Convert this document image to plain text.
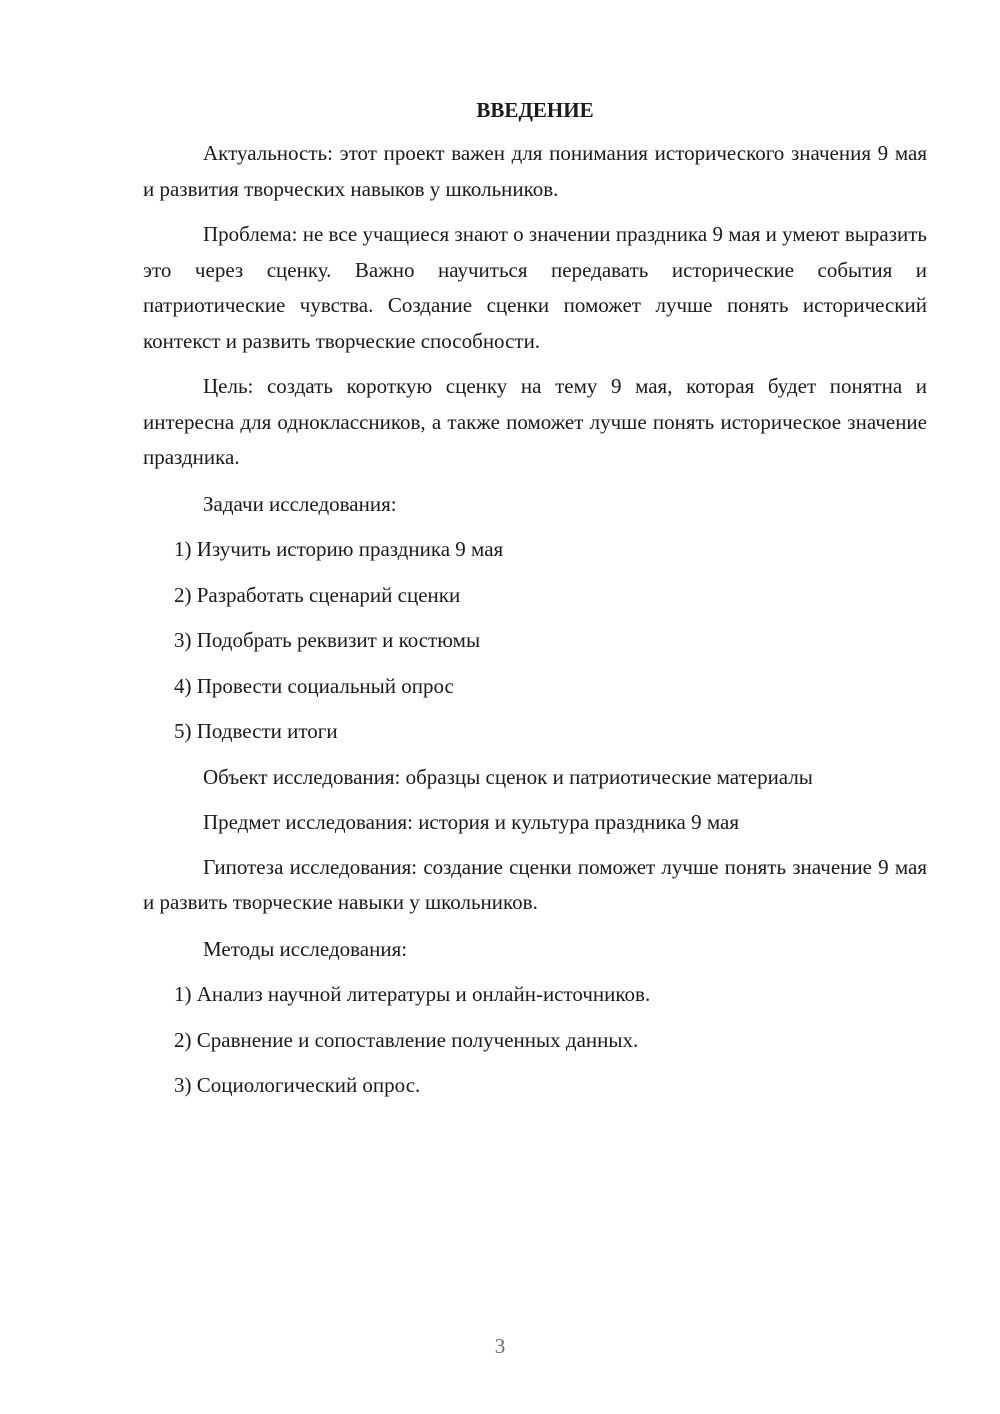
ВВЕДЕНИЕ

Актуальность: этот проект важен для понимания исторического значения 9 мая и развития творческих навыков у школьников.

Проблема: не все учащиеся знают о значении праздника 9 мая и умеют выразить это через сценку. Важно научиться передавать исторические события и патриотические чувства. Создание сценки поможет лучше понять исторический контекст и развить творческие способности.

Цель: создать короткую сценку на тему 9 мая, которая будет понятна и интересна для одноклассников, а также поможет лучше понять историческое значение праздника.

Задачи исследования:
1) Изучить историю праздника 9 мая
2) Разработать сценарий сценки
3) Подобрать реквизит и костюмы
4) Провести социальный опрос
5) Подвести итоги
Объект исследования: образцы сценок и патриотические материалы
Предмет исследования: история и культура праздника 9 мая

Гипотеза исследования: создание сценки поможет лучше понять значение 9 мая и развить творческие навыки у школьников.

Методы исследования:
1) Анализ научной литературы и онлайн-источников.
2) Сравнение и сопоставление полученных данных.
3) Социологический опрос.
3
